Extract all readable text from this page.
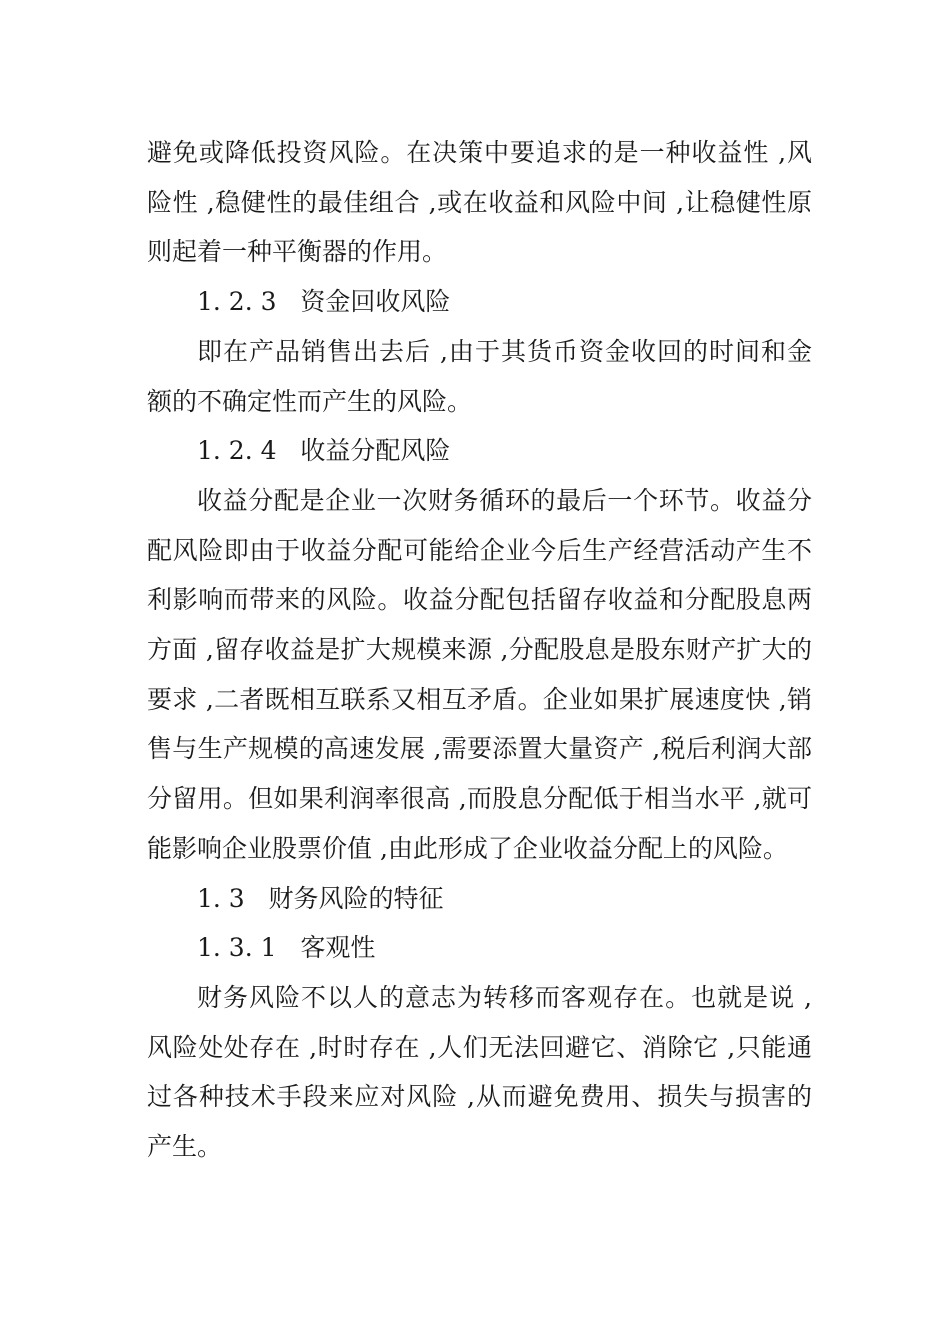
避免或降低投资风险。在决策中要追求的是一种收益性 ,风险性 ,稳健性的最佳组合 ,或在收益和风险中间 ,让稳健性原则起着一种平衡器的作用。

1. 2. 3   资金回收风险

即在产品销售出去后 ,由于其货币资金收回的时间和金额的不确定性而产生的风险。

1. 2. 4   收益分配风险

收益分配是企业一次财务循环的最后一个环节。收益分配风险即由于收益分配可能给企业今后生产经营活动产生不利影响而带来的风险。收益分配包括留存收益和分配股息两方面 ,留存收益是扩大规模来源 ,分配股息是股东财产扩大的要求 ,二者既相互联系又相互矛盾。企业如果扩展速度快 ,销售与生产规模的高速发展 ,需要添置大量资产 ,税后利润大部分留用。但如果利润率很高 ,而股息分配低于相当水平 ,就可能影响企业股票价值 ,由此形成了企业收益分配上的风险。

1. 3   财务风险的特征

1. 3. 1   客观性

财务风险不以人的意志为转移而客观存在。也就是说 ,风险处处存在 ,时时存在 ,人们无法回避它、消除它 ,只能通过各种技术手段来应对风险 ,从而避免费用、损失与损害的产生。
